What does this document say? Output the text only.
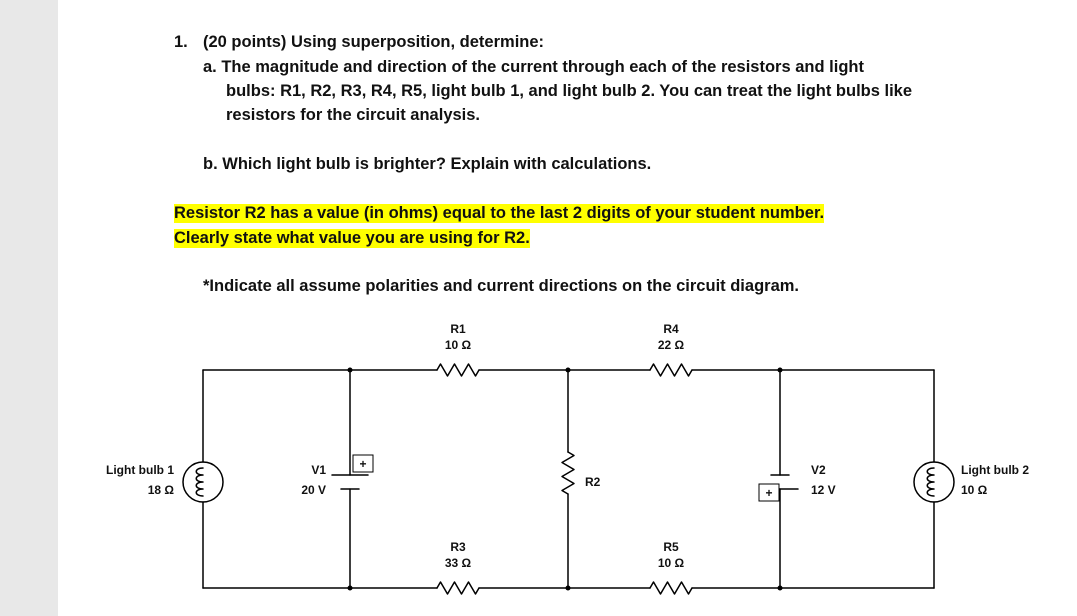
1. (20 points) Using superposition, determine:
a. The magnitude and direction of the current through each of the resistors and light
bulbs: R1, R2, R3, R4, R5, light bulb 1, and light bulb 2. You can treat the light bulbs like
resistors for the circuit analysis.
b. Which light bulb is brighter? Explain with calculations.
Resistor R2 has a value (in ohms) equal to the last 2 digits of your student number.
Clearly state what value you are using for R2.
*Indicate all assume polarities and current directions on the circuit diagram.
R1
10 Ω
R4
22 Ω
R3
33 Ω
R5
10 Ω
R2
V1
20 V
+	V2
12 V
+
Light bulb 1
18 Ω
Light bulb 2
10 Ω
